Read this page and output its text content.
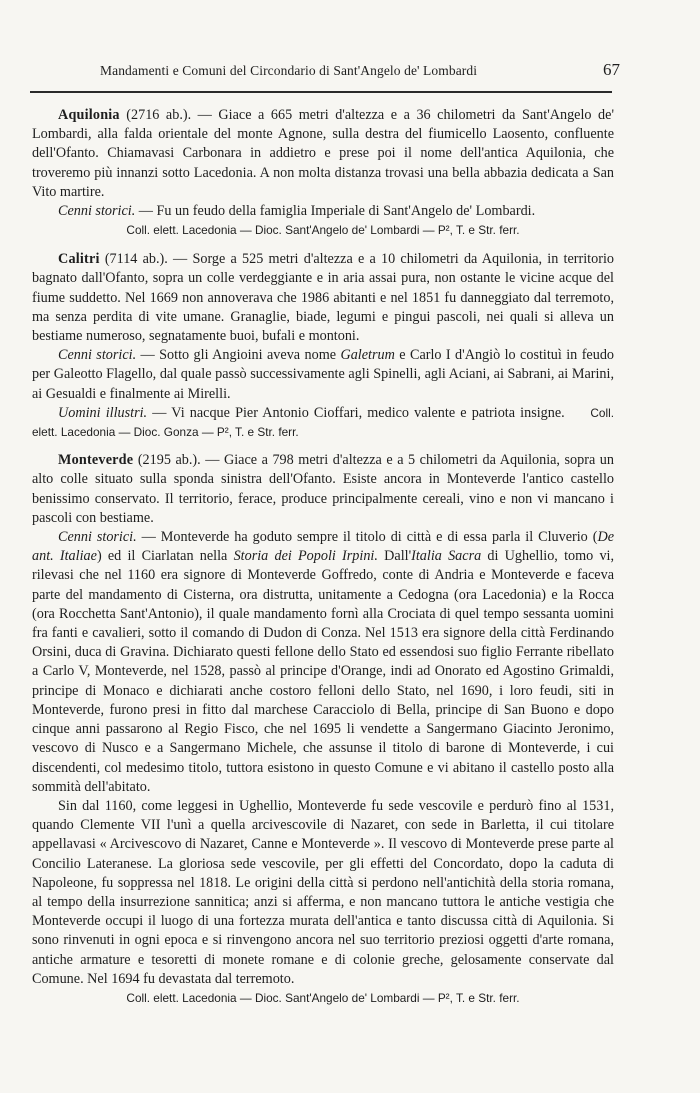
Mandamenti e Comuni del Circondario di Sant'Angelo de' Lombardi	67

Aquilonia (2716 ab.). — Giace a 665 metri d'altezza e a 36 chilometri da Sant'Angelo de' Lombardi, alla falda orientale del monte Agnone, sulla destra del fiumicello Laosento, confluente dell'Ofanto. Chiamavasi Carbonara in addietro e prese poi il nome dell'antica Aquilonia, che troveremo più innanzi sotto Lacedonia. A non molta distanza trovasi una bella abbazia dedicata a San Vito martire.

Cenni storici. — Fu un feudo della famiglia Imperiale di Sant'Angelo de' Lombardi.

Coll. elett. Lacedonia — Dioc. Sant'Angelo de' Lombardi — P², T. e Str. ferr.

Calitri (7114 ab.). — Sorge a 525 metri d'altezza e a 10 chilometri da Aquilonia, in territorio bagnato dall'Ofanto, sopra un colle verdeggiante e in aria assai pura, non ostante le vicine acque del fiume suddetto. Nel 1669 non annoverava che 1986 abitanti e nel 1851 fu danneggiato dal terremoto, ma senza perdita di vite umane. Granaglie, biade, legumi e pingui pascoli, nei quali si alleva un bestiame numeroso, segnatamente buoi, bufali e montoni.

Cenni storici. — Sotto gli Angioini aveva nome Galetrum e Carlo I d'Angiò lo costituì in feudo per Galeotto Flagello, dal quale passò successivamente agli Spinelli, agli Aciani, ai Sabrani, ai Marini, ai Gesualdi e finalmente ai Mirelli.

Uomini illustri. — Vi nacque Pier Antonio Cioffari, medico valente e patriota insigne. Coll. elett. Lacedonia — Dioc. Gonza — P², T. e Str. ferr.

Monteverde (2195 ab.). — Giace a 798 metri d'altezza e a 5 chilometri da Aquilonia, sopra un alto colle situato sulla sponda sinistra dell'Ofanto. Esiste ancora in Monteverde l'antico castello benissimo conservato. Il territorio, ferace, produce principalmente cereali, vino e non vi mancano i pascoli con bestiame.

Cenni storici. — Monteverde ha goduto sempre il titolo di città e di essa parla il Cluverio (De ant. Italiae) ed il Ciarlatan nella Storia dei Popoli Irpini. Dall'Italia Sacra di Ughellio, tomo vi, rilevasi che nel 1160 era signore di Monteverde Goffredo, conte di Andria e Monteverde e faceva parte del mandamento di Cisterna, ora distrutta, unitamente a Cedogna (ora Lacedonia) e la Rocca (ora Rocchetta Sant'Antonio), il quale mandamento fornì alla Crociata di quel tempo sessanta uomini fra fanti e cavalieri, sotto il comando di Dudon di Conza. Nel 1513 era signore della città Ferdinando Orsini, duca di Gravina. Dichiarato questi fellone dello Stato ed essendosi suo figlio Ferrante ribellato a Carlo V, Monteverde, nel 1528, passò al principe d'Orange, indi ad Onorato ed Agostino Grimaldi, principe di Monaco e dichiarati anche costoro felloni dello Stato, nel 1690, i loro feudi, siti in Monteverde, furono presi in fitto dal marchese Caracciolo di Bella, principe di San Buono e dopo cinque anni passarono al Regio Fisco, che nel 1695 li vendette a Sangermano Giacinto Jeronimo, vescovo di Nusco e a Sangermano Michele, che assunse il titolo di barone di Monteverde, i cui discendenti, col medesimo titolo, tuttora esistono in questo Comune e vi abitano il castello posto alla sommità dell'abitato.

Sin dal 1160, come leggesi in Ughellio, Monteverde fu sede vescovile e perdurò fino al 1531, quando Clemente VII l'unì a quella arcivescovile di Nazaret, con sede in Barletta, il cui titolare appellavasi « Arcivescovo di Nazaret, Canne e Monteverde ». Il vescovo di Monteverde prese parte al Concilio Lateranese. La gloriosa sede vescovile, per gli effetti del Concordato, dopo la caduta di Napoleone, fu soppressa nel 1818. Le origini della città si perdono nell'antichità della storia romana, al tempo della insurrezione sannitica; anzi si afferma, e non mancano tuttora le antiche vestigia che Monteverde occupi il luogo di una fortezza murata dell'antica e tanto discussa città di Aquilonia. Si sono rinvenuti in ogni epoca e si rinvengono ancora nel suo territorio preziosi oggetti d'arte romana, antiche armature e tesoretti di monete romane e di colonie greche, gelosamente conservate dal Comune. Nel 1694 fu devastata dal terremoto.

Coll. elett. Lacedonia — Dioc. Sant'Angelo de' Lombardi — P², T. e Str. ferr.
